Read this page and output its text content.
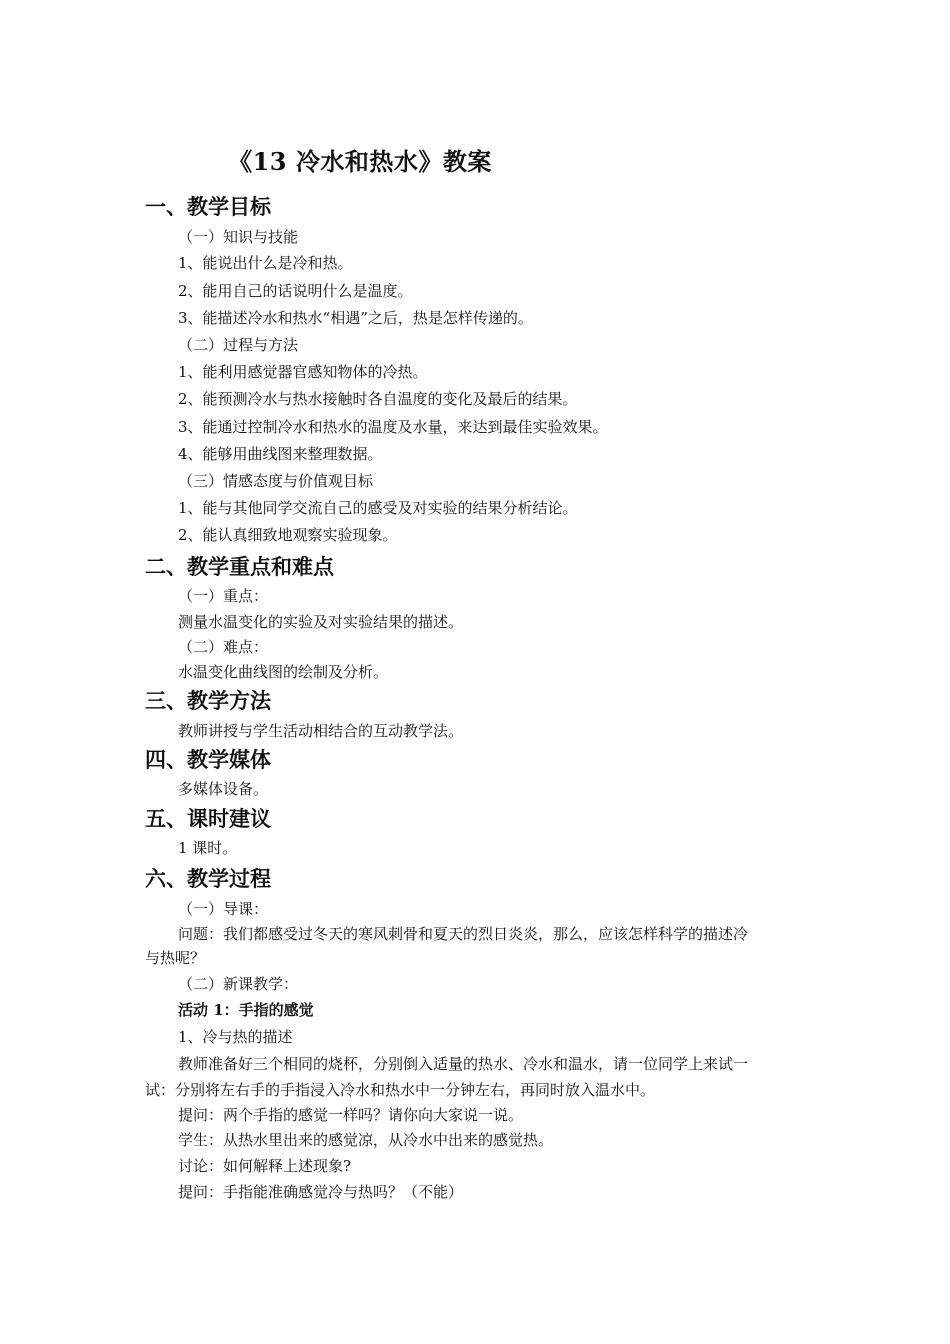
《13 冷水和热水》教案
一、教学目标
（一）知识与技能
1、能说出什么是冷和热。
2、能用自己的话说明什么是温度。
3、能描述冷水和热水“相遇”之后，热是怎样传递的。
（二）过程与方法
1、能利用感觉器官感知物体的冷热。
2、能预测冷水与热水接触时各自温度的变化及最后的结果。
3、能通过控制冷水和热水的温度及水量，来达到最佳实验效果。
4、能够用曲线图来整理数据。
（三）情感态度与价值观目标
1、能与其他同学交流自己的感受及对实验的结果分析结论。
2、能认真细致地观察实验现象。
二、教学重点和难点
（一）重点：
测量水温变化的实验及对实验结果的描述。
（二）难点：
水温变化曲线图的绘制及分析。
三、教学方法
教师讲授与学生活动相结合的互动教学法。
四、教学媒体
多媒体设备。
五、课时建议
1 课时。
六、教学过程
（一）导课：
问题：我们都感受过冬天的寒风刺骨和夏天的烈日炎炎，那么，应该怎样科学的描述冷
与热呢？
（二）新课教学：
活动 1：手指的感觉
1、冷与热的描述
教师准备好三个相同的烧杯，分别倒入适量的热水、冷水和温水，请一位同学上来试一
试：分别将左右手的手指浸入冷水和热水中一分钟左右，再同时放入温水中。
提问：两个手指的感觉一样吗？请你向大家说一说。
学生：从热水里出来的感觉凉，从冷水中出来的感觉热。
讨论：如何解释上述现象?
提问：手指能准确感觉冷与热吗？（不能）
